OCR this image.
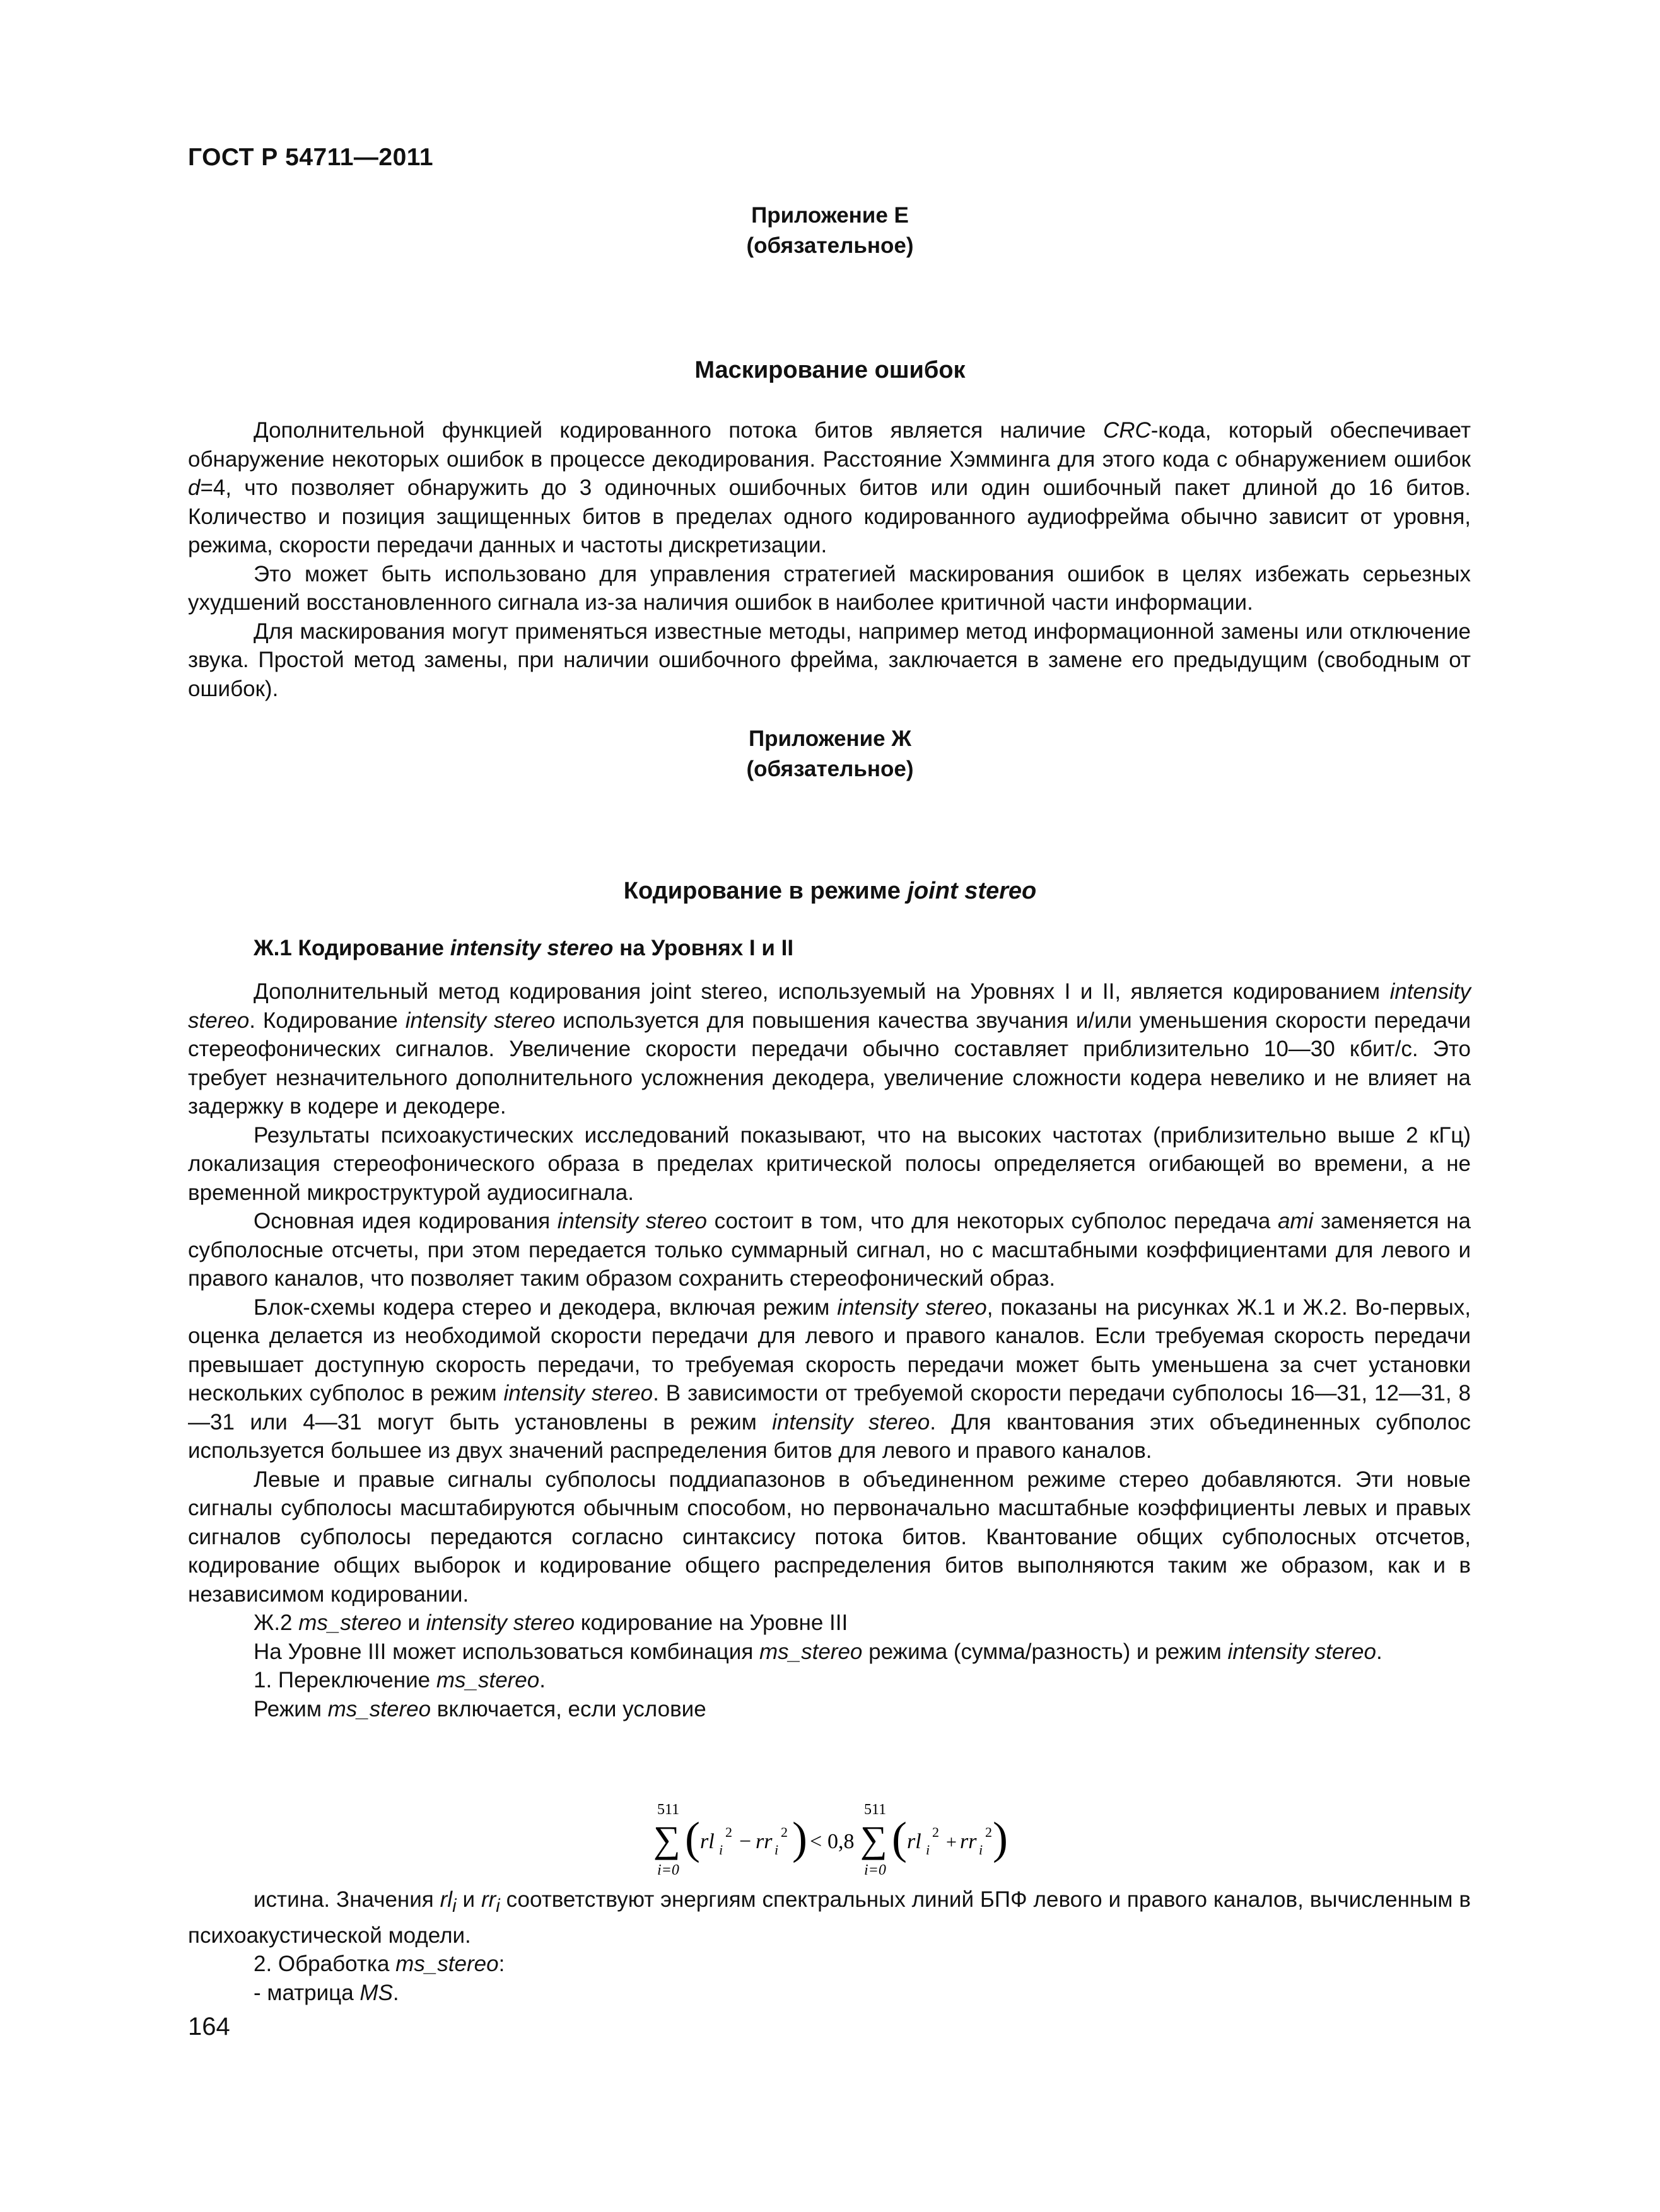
ГОСТ Р 54711—2011
Приложение Е
(обязательное)
Маскирование ошибок

Дополнительной функцией кодированного потока битов является наличие CRC-кода, который обеспечивает обнаружение некоторых ошибок в процессе декодирования. Расстояние Хэмминга для этого кода с обнаружением ошибок d=4, что позволяет обнаружить до 3 одиночных ошибочных битов или один ошибочный пакет длиной до 16 битов. Количество и позиция защищенных битов в пределах одного кодированного аудиофрейма обычно зависит от уровня, режима, скорости передачи данных и частоты дискретизации.

Это может быть использовано для управления стратегией маскирования ошибок в целях избежать серьезных ухудшений восстановленного сигнала из-за наличия ошибок в наиболее критичной части информации.

Для маскирования могут применяться известные методы, например метод информационной замены или отключение звука. Простой метод замены, при наличии ошибочного фрейма, заключается в замене его предыдущим (свободным от ошибок).

Приложение Ж
(обязательное)
Кодирование в режиме joint stereo
Ж.1 Кодирование intensity stereo на Уровнях I и II

Дополнительный метод кодирования joint stereo, используемый на Уровнях I и II, является кодированием intensity stereo. Кодирование intensity stereo используется для повышения качества звучания и/или уменьшения скорости передачи стереофонических сигналов. Увеличение скорости передачи обычно составляет приблизительно 10—30 кбит/с. Это требует незначительного дополнительного усложнения декодера, увеличение сложности кодера невелико и не влияет на задержку в кодере и декодере.

Результаты психоакустических исследований показывают, что на высоких частотах (приблизительно выше 2 кГц) локализация стереофонического образа в пределах критической полосы определяется огибающей во времени, а не временной микроструктурой аудиосигнала.

Основная идея кодирования intensity stereo состоит в том, что для некоторых субполос передача ami заменяется на субполосные отсчеты, при этом передается только суммарный сигнал, но с масштабными коэффициентами для левого и правого каналов, что позволяет таким образом сохранить стереофонический образ.

Блок-схемы кодера стерео и декодера, включая режим intensity stereo, показаны на рисунках Ж.1 и Ж.2. Во-первых, оценка делается из необходимой скорости передачи для левого и правого каналов. Если требуемая скорость передачи превышает доступную скорость передачи, то требуемая скорость передачи может быть уменьшена за счет установки нескольких субполос в режим intensity stereo. В зависимости от требуемой скорости передачи субполосы 16—31, 12—31, 8—31 или 4—31 могут быть установлены в режим intensity stereo. Для квантования этих объединенных субполос используется большее из двух значений распределения битов для левого и правого каналов.

Левые и правые сигналы субполосы поддиапазонов в объединенном режиме стерео добавляются. Эти новые сигналы субполосы масштабируются обычным способом, но первоначально масштабные коэффициенты левых и правых сигналов субполосы передаются согласно синтаксису потока битов. Квантование общих субполосных отсчетов, кодирование общих выборок и кодирование общего распределения битов выполняются таким же образом, как и в независимом кодировании.

Ж.2 ms_stereo и intensity stereo кодирование на Уровне III

На Уровне III может использоваться комбинация ms_stereo режима (сумма/разность) и режим intensity stereo.

1. Переключение ms_stereo.

Режим ms_stereo включается, если условие

511
∑
i=0
( rl i
2 − rr i
2 ) < 0,8
511
∑
i=0
( rl i
2 + rr i
2 )

истина. Значения $rl_i$ и $rr_i$ соответствуют энергиям спектральных линий БПФ левого и правого каналов, вычисленным в психоакустической модели.

2. Обработка ms_stereo:

- матрица MS.

164
